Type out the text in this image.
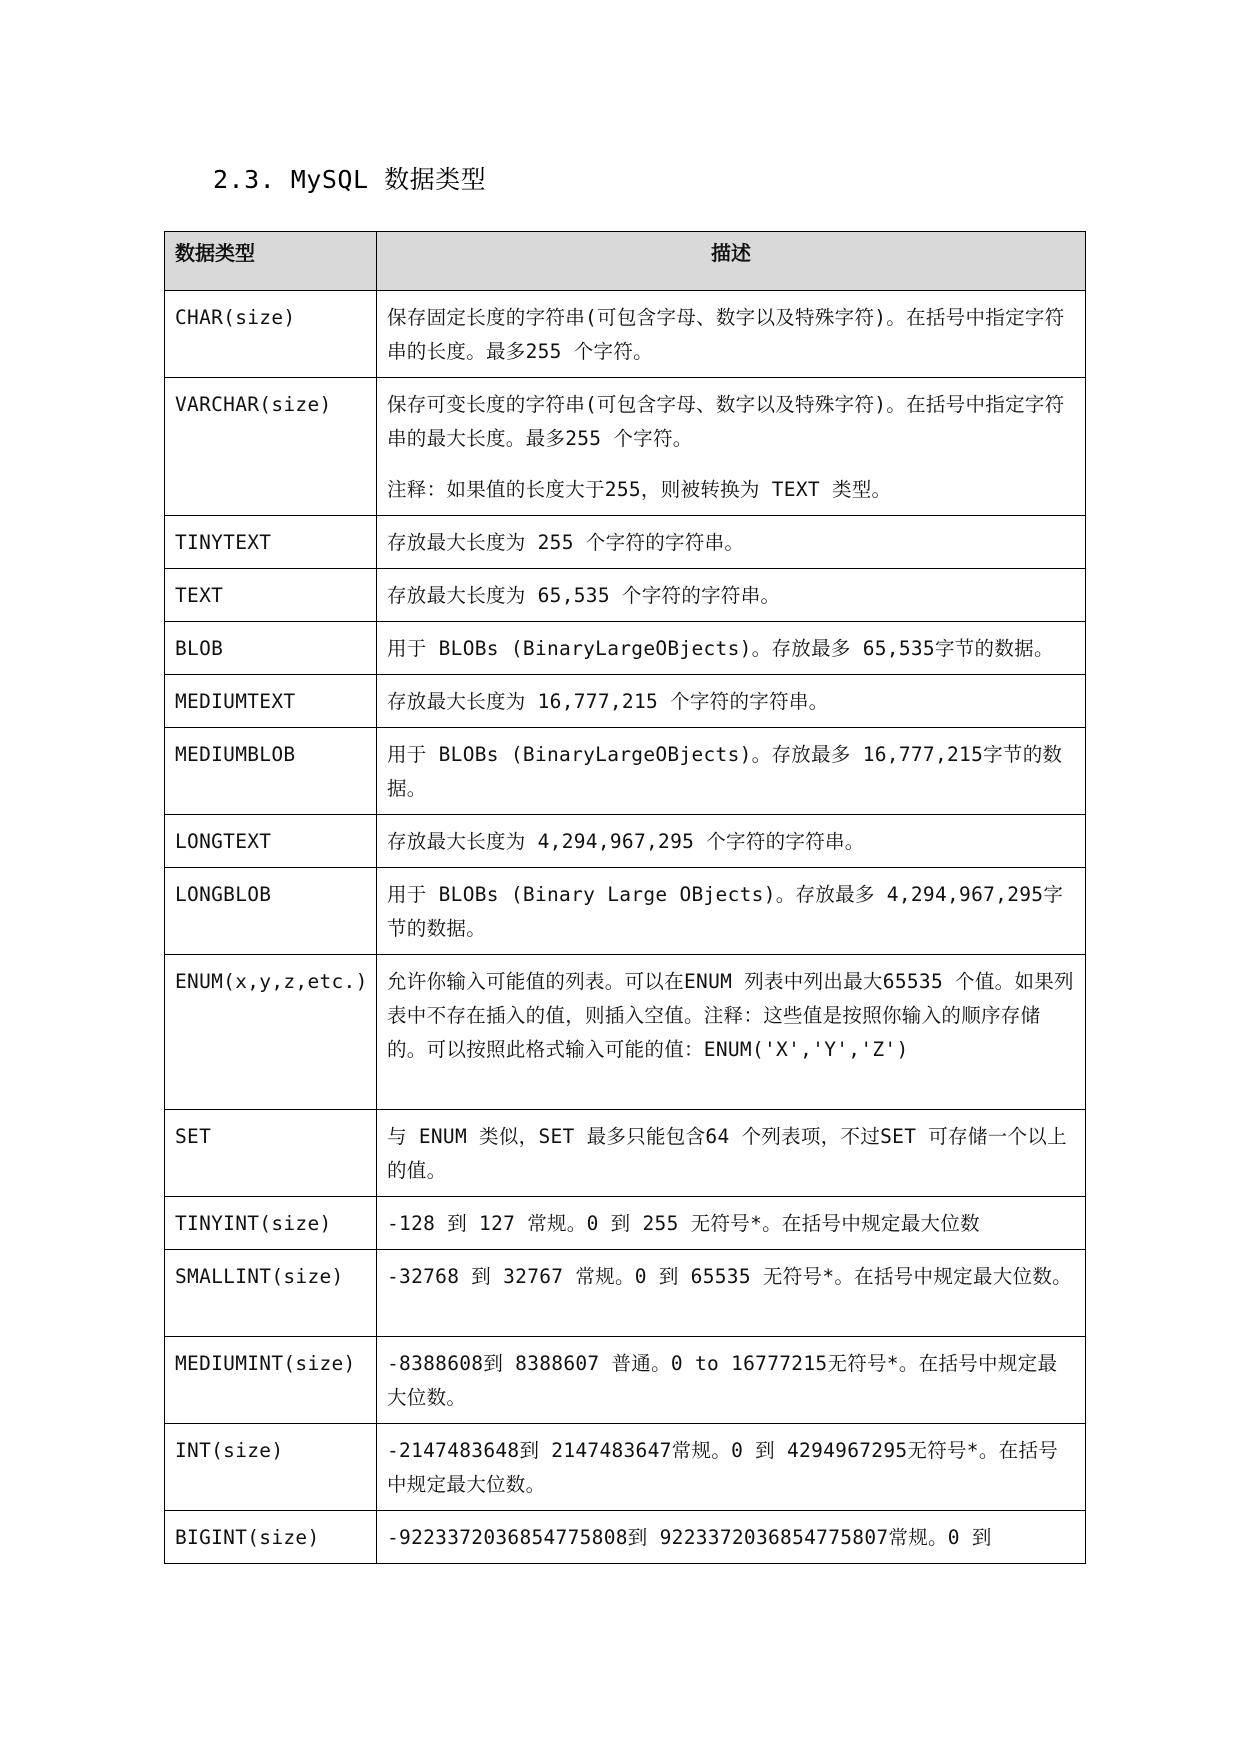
2.3. MySQL 数据类型
数据类型	描述
CHAR(size)	保存固定长度的字符串(可包含字母、数字以及特殊字符)。在括号中指定字符串的长度。最多255 个字符。
VARCHAR(size)	保存可变长度的字符串(可包含字母、数字以及特殊字符)。在括号中指定字符串的最大长度。最多255 个字符。
注释：如果值的长度大于255，则被转换为 TEXT 类型。

TINYTEXT	存放最大长度为 255 个字符的字符串。
TEXT	存放最大长度为 65,535 个字符的字符串。
BLOB	用于 BLOBs (BinaryLargeOBjects)。存放最多 65,535字节的数据。
MEDIUMTEXT	存放最大长度为 16,777,215 个字符的字符串。
MEDIUMBLOB	用于 BLOBs (BinaryLargeOBjects)。存放最多 16,777,215字节的数据。
LONGTEXT	存放最大长度为 4,294,967,295 个字符的字符串。
LONGBLOB	用于 BLOBs (Binary Large OBjects)。存放最多 4,294,967,295字节的数据。
ENUM(x,y,z,etc.)	允许你输入可能值的列表。可以在ENUM 列表中列出最大65535 个值。如果列表中不存在插入的值，则插入空值。注释：这些值是按照你输入的顺序存储的。可以按照此格式输入可能的值：ENUM('X','Y','Z')
SET	与 ENUM 类似，SET 最多只能包含64 个列表项，不过SET 可存储一个以上的值。
TINYINT(size)	-128 到 127 常规。0 到 255 无符号*。在括号中规定最大位数
SMALLINT(size)	-32768 到 32767 常规。0 到 65535 无符号*。在括号中规定最大位数。
MEDIUMINT(size)	-8388608到 8388607 普通。0 to 16777215无符号*。在括号中规定最大位数。
INT(size)	-2147483648到 2147483647常规。0 到 4294967295无符号*。在括号中规定最大位数。
BIGINT(size)	-9223372036854775808到 9223372036854775807常规。0 到
